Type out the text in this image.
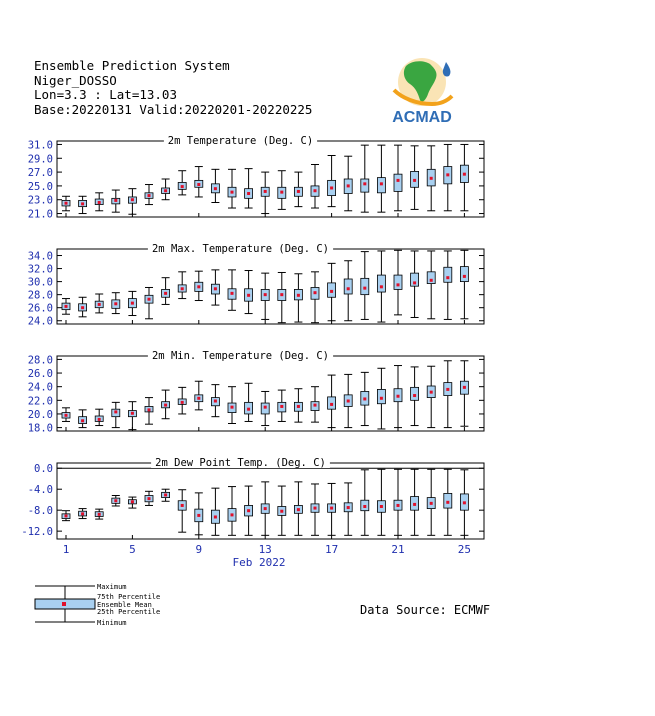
Ensemble Prediction System
Niger_DOSSO
Lon=3.3 : Lat=13.03
Base:20220131 Valid:20220201-20220225	ACMAD
2m Temperature (Deg. C)
21.0
23.0
25.0
27.0
29.0
31.0
2m Max. Temperature (Deg. C)
24.0
26.0
28.0
30.0
32.0
34.0
2m Min. Temperature (Deg. C)
18.0
20.0
22.0
24.0
26.0
28.0
2m Dew Point Temp. (Deg. C)
-12.0
-8.0
-4.0
0.0
1	5	9	13	17	21	25
Feb 2022
Maximum
75th Percentile
Ensemble Mean
25th Percentile
Minimum
Data Source: ECMWF
